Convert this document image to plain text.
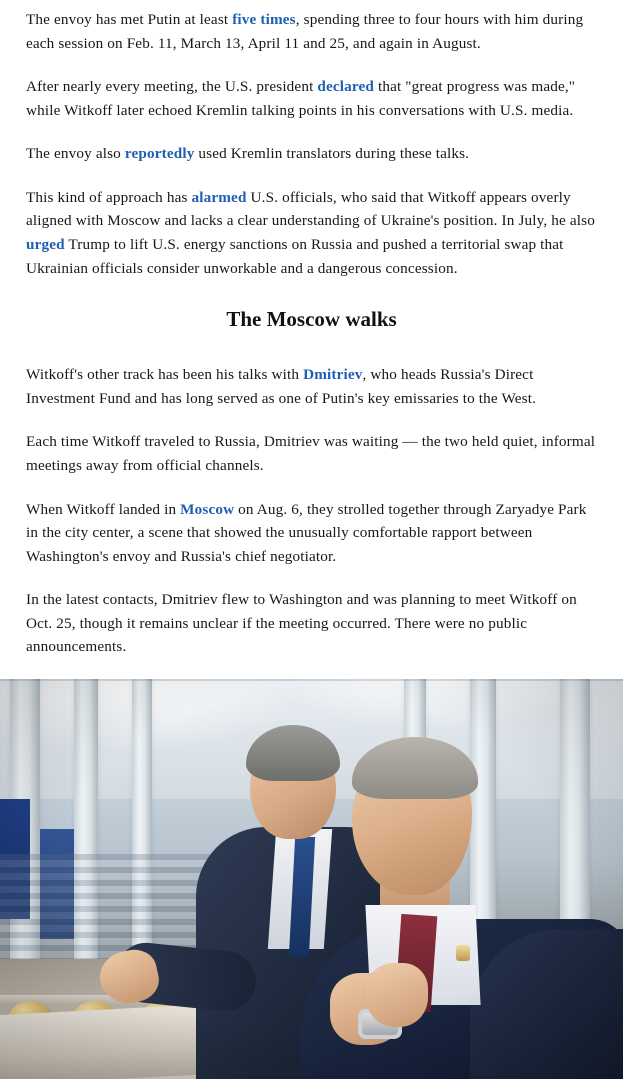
The envoy has met Putin at least five times, spending three to four hours with him during each session on Feb. 11, March 13, April 11 and 25, and again in August.

After nearly every meeting, the U.S. president declared that "great progress was made," while Witkoff later echoed Kremlin talking points in his conversations with U.S. media.

The envoy also reportedly used Kremlin translators during these talks.

This kind of approach has alarmed U.S. officials, who said that Witkoff appears overly aligned with Moscow and lacks a clear understanding of Ukraine's position. In July, he also urged Trump to lift U.S. energy sanctions on Russia and pushed a territorial swap that Ukrainian officials consider unworkable and a dangerous concession.

The Moscow walks

Witkoff's other track has been his talks with Dmitriev, who heads Russia's Direct Investment Fund and has long served as one of Putin's key emissaries to the West.

Each time Witkoff traveled to Russia, Dmitriev was waiting — the two held quiet, informal meetings away from official channels.

When Witkoff landed in Moscow on Aug. 6, they strolled together through Zaryadye Park in the city center, a scene that showed the unusually comfortable rapport between Washington's envoy and Russia's chief negotiator.

In the latest contacts, Dmitriev flew to Washington and was planning to meet Witkoff on Oct. 25, though it remains unclear if the meeting occurred. There were no public announcements.
